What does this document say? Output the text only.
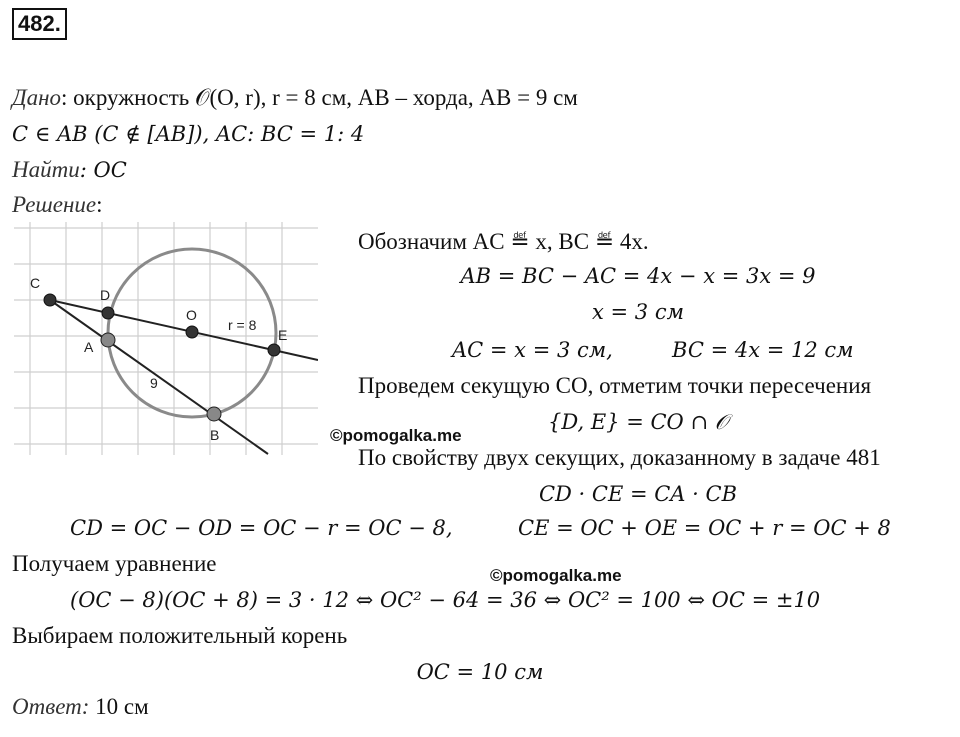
482.
Дано: окружность 𝒪(O, r), r = 8 см, AB – хорда, AB = 9 см
C ∈ AB (C ∉ [AB]), AC: BC = 1: 4
Найти: OC
Решение:
C
D
O
r = 8
E
A
9
B	©pomogalka.me
Обозначим AC ≝ x, BC ≝ 4x.
AB = BC − AC = 4x − x = 3x = 9
x = 3 см
AC = x = 3 см,	BC = 4x = 12 см
Проведем секущую CO, отметим точки пересечения
{D, E} = CO ∩ 𝒪
По свойству двух секущих, доказанному в задаче 481
CD · CE = CA · CB
CD = OC − OD = OC − r = OC − 8,	CE = OC + OE = OC + r = OC + 8
Получаем уравнение	©pomogalka.me
(OC − 8)(OC + 8) = 3 · 12 ⇔ OC² − 64 = 36 ⇔ OC² = 100 ⇔ OC = ±10
Выбираем положительный корень
OC = 10 см
Ответ: 10 см
